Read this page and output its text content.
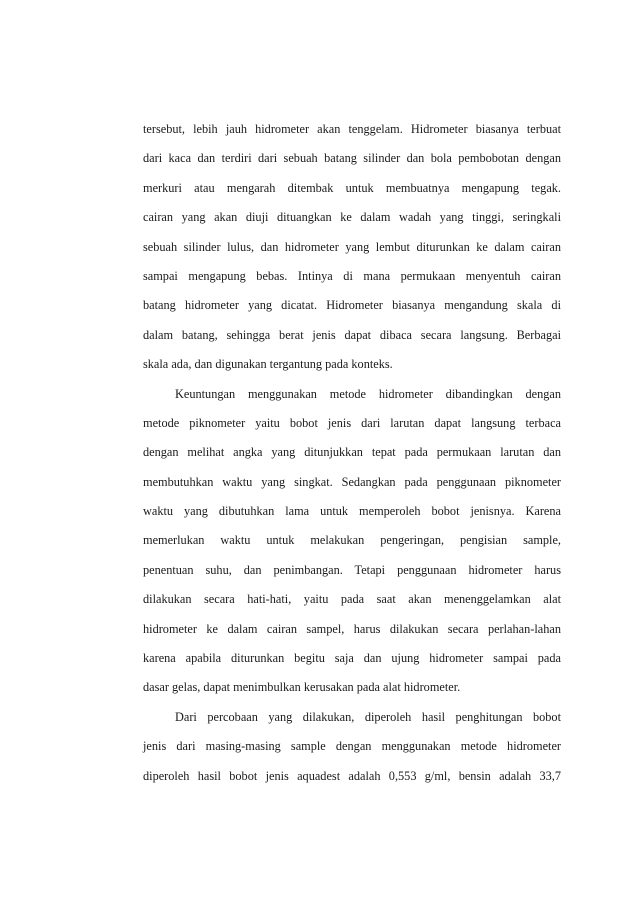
tersebut, lebih jauh hidrometer akan tenggelam. Hidrometer biasanya terbuat
dari kaca dan terdiri dari sebuah batang silinder dan bola pembobotan dengan
merkuri atau mengarah ditembak untuk membuatnya mengapung tegak.
cairan yang akan diuji dituangkan ke dalam wadah yang tinggi, seringkali
sebuah silinder lulus, dan hidrometer yang lembut diturunkan ke dalam cairan
sampai mengapung bebas. Intinya di mana permukaan menyentuh cairan
batang hidrometer yang dicatat. Hidrometer biasanya mengandung skala di
dalam batang, sehingga berat jenis dapat dibaca secara langsung. Berbagai
skala ada, dan digunakan tergantung pada konteks.
Keuntungan menggunakan metode hidrometer dibandingkan dengan
metode piknometer yaitu bobot jenis dari larutan dapat langsung terbaca
dengan melihat angka yang ditunjukkan tepat pada permukaan larutan dan
membutuhkan waktu yang singkat. Sedangkan pada penggunaan piknometer
waktu yang dibutuhkan lama untuk memperoleh bobot jenisnya. Karena
memerlukan waktu untuk melakukan pengeringan, pengisian sample,
penentuan suhu, dan penimbangan. Tetapi penggunaan hidrometer harus
dilakukan secara hati-hati, yaitu pada saat akan menenggelamkan alat
hidrometer ke dalam cairan sampel, harus dilakukan secara perlahan-lahan
karena apabila diturunkan begitu saja dan ujung hidrometer sampai pada
dasar gelas, dapat menimbulkan kerusakan pada alat hidrometer.
Dari percobaan yang dilakukan, diperoleh hasil penghitungan bobot
jenis dari masing-masing sample dengan menggunakan metode hidrometer
diperoleh hasil bobot jenis aquadest adalah 0,553 g/ml, bensin adalah 33,7
